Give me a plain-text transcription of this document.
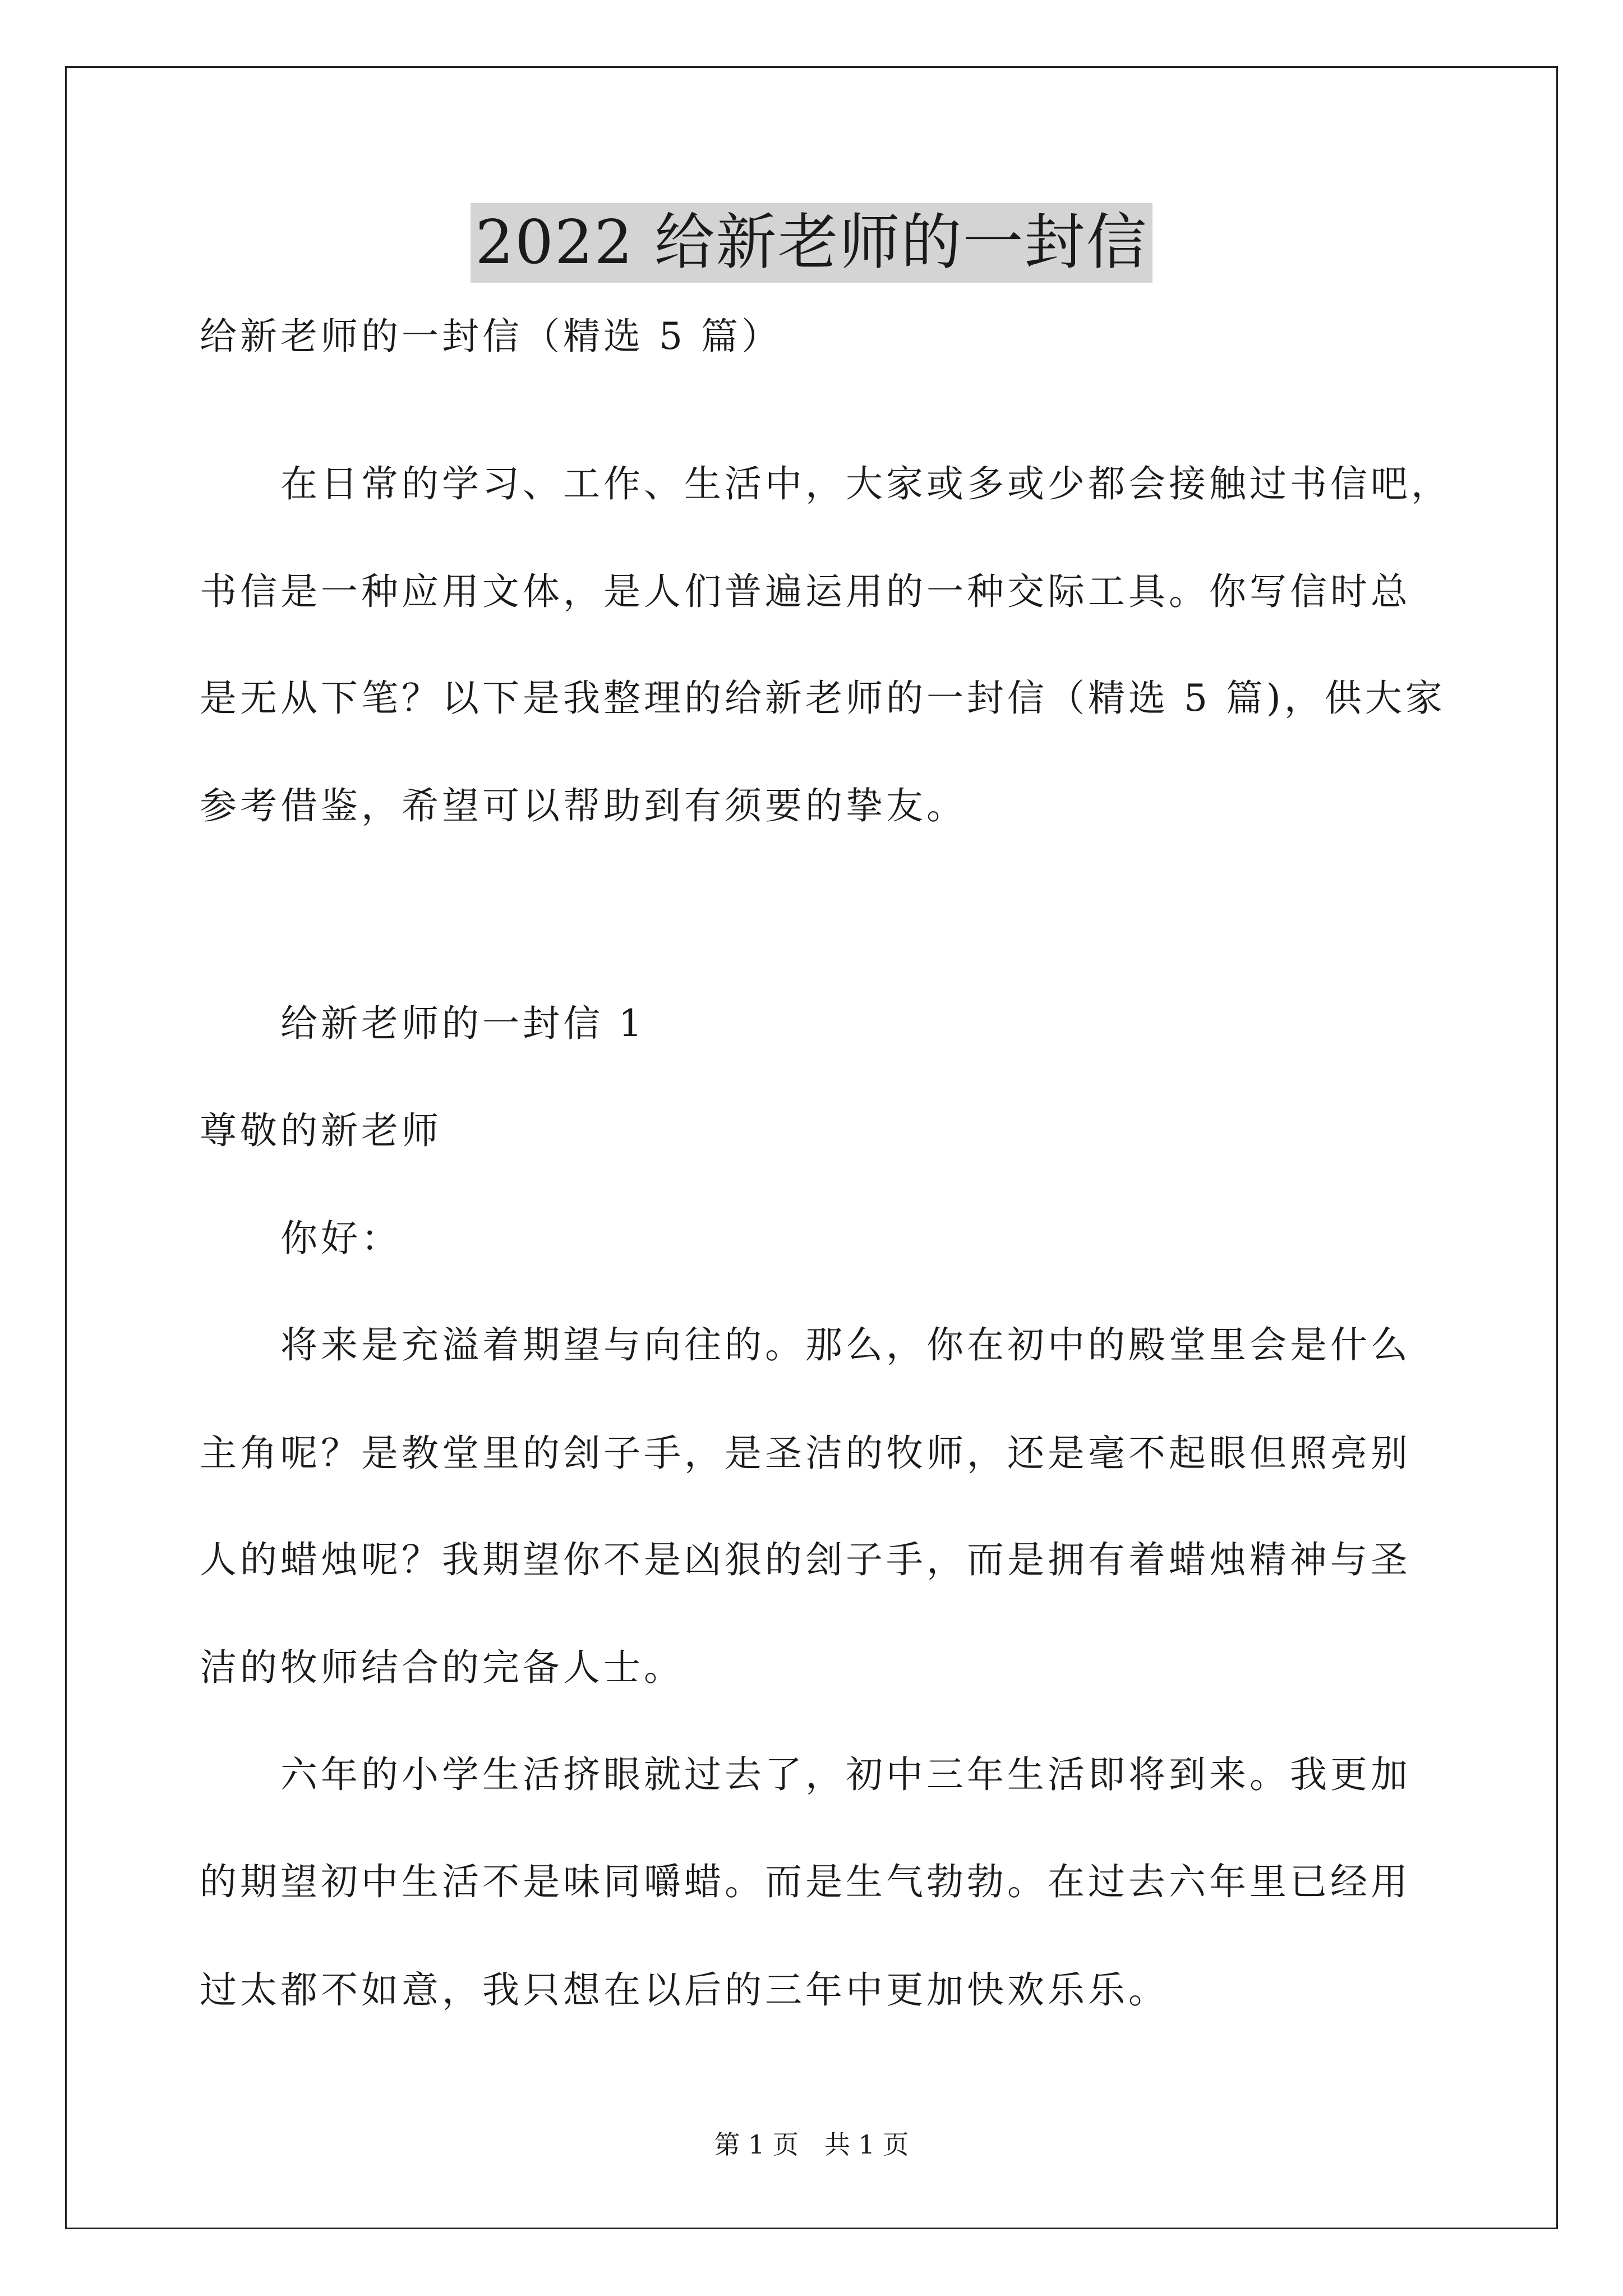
2022 给新老师的一封信
给新老师的一封信（精选 5 篇）
在日常的学习、工作、生活中，大家或多或少都会接触过书信吧，
书信是一种应用文体，是人们普遍运用的一种交际工具。你写信时总
是无从下笔？以下是我整理的给新老师的一封信（精选 5 篇)，供大家
参考借鉴，希望可以帮助到有须要的挚友。
给新老师的一封信 1
尊敬的新老师
你好：
将来是充溢着期望与向往的。那么，你在初中的殿堂里会是什么
主角呢？是教堂里的刽子手，是圣洁的牧师，还是毫不起眼但照亮别
人的蜡烛呢？我期望你不是凶狠的刽子手，而是拥有着蜡烛精神与圣
洁的牧师结合的完备人士。
六年的小学生活挤眼就过去了，初中三年生活即将到来。我更加
的期望初中生活不是味同嚼蜡。而是生气勃勃。在过去六年里已经用
过太都不如意，我只想在以后的三年中更加快欢乐乐。
第 1 页 共 1 页
